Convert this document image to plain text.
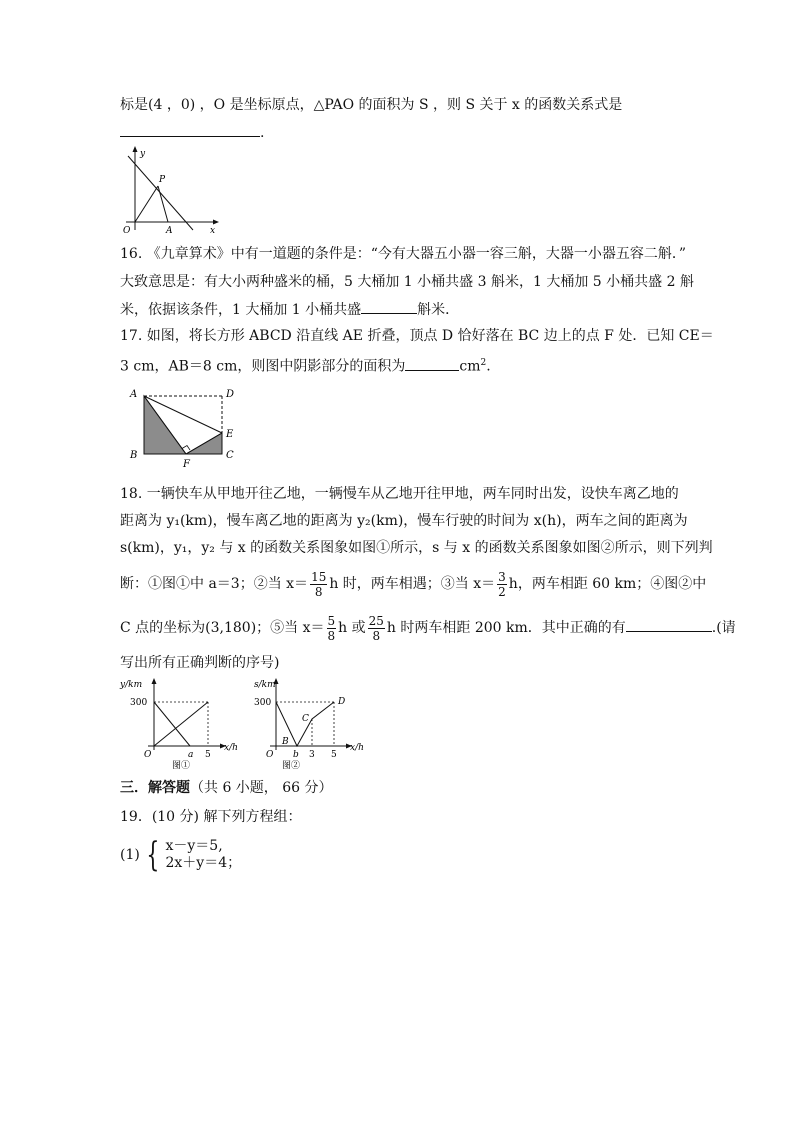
标是(4 ，0) ，O 是坐标原点，△PAO 的面积为 S ，则 S 关于 x 的函数关系式是
.
y
x
O	A
P
16. 《九章算术》中有一道题的条件是：“今有大器五小器一容三斛，大器一小器五容二斛．”
大致意思是：有大小两种盛米的桶，5 大桶加 1 小桶共盛 3 斛米，1 大桶加 5 小桶共盛 2 斛
米，依据该条件，1 大桶加 1 小桶共盛	斛米．
17. 如图，将长方形 ABCD 沿直线 AE 折叠，顶点 D 恰好落在 BC 边上的点 F 处．已知 CE＝
3 cm，AB＝8 cm，则图中阴影部分的面积为	$cm^2$.
A	D
E
B	C
F
18. 一辆快车从甲地开往乙地，一辆慢车从乙地开往甲地，两车同时出发，设快车离乙地的
距离为 y₁(km)，慢车离乙地的距离为 y₂(km)，慢车行驶的时间为 x(h)，两车之间的距离为
s(km)，y₁，y₂ 与 x 的函数关系图象如图①所示，s 与 x 的函数关系图象如图②所示，则下列判
断：①图①中 a＝3；②当 $x= \frac{15}{8}$ h 时，两车相遇；③当 $x= \frac{3}{2}$ h，两车相距 60 km；④图②中
C 点的坐标为(3,180)；⑤当 $x= \frac{5}{8}$ h 或 $\frac{25}{8}$ h 时两车相距 200 km．其中正确的有	.(请
写出所有正确判断的序号)
y/km
300
O	a 5
x/h
图①
s/km
300
O
B
b 3 5
C
D
x/h
图②
三．解答题（共 6 小题， 66 分）
19．(10 分) 解下列方程组：
(1) { x－y＝5,
2x＋y＝4；
